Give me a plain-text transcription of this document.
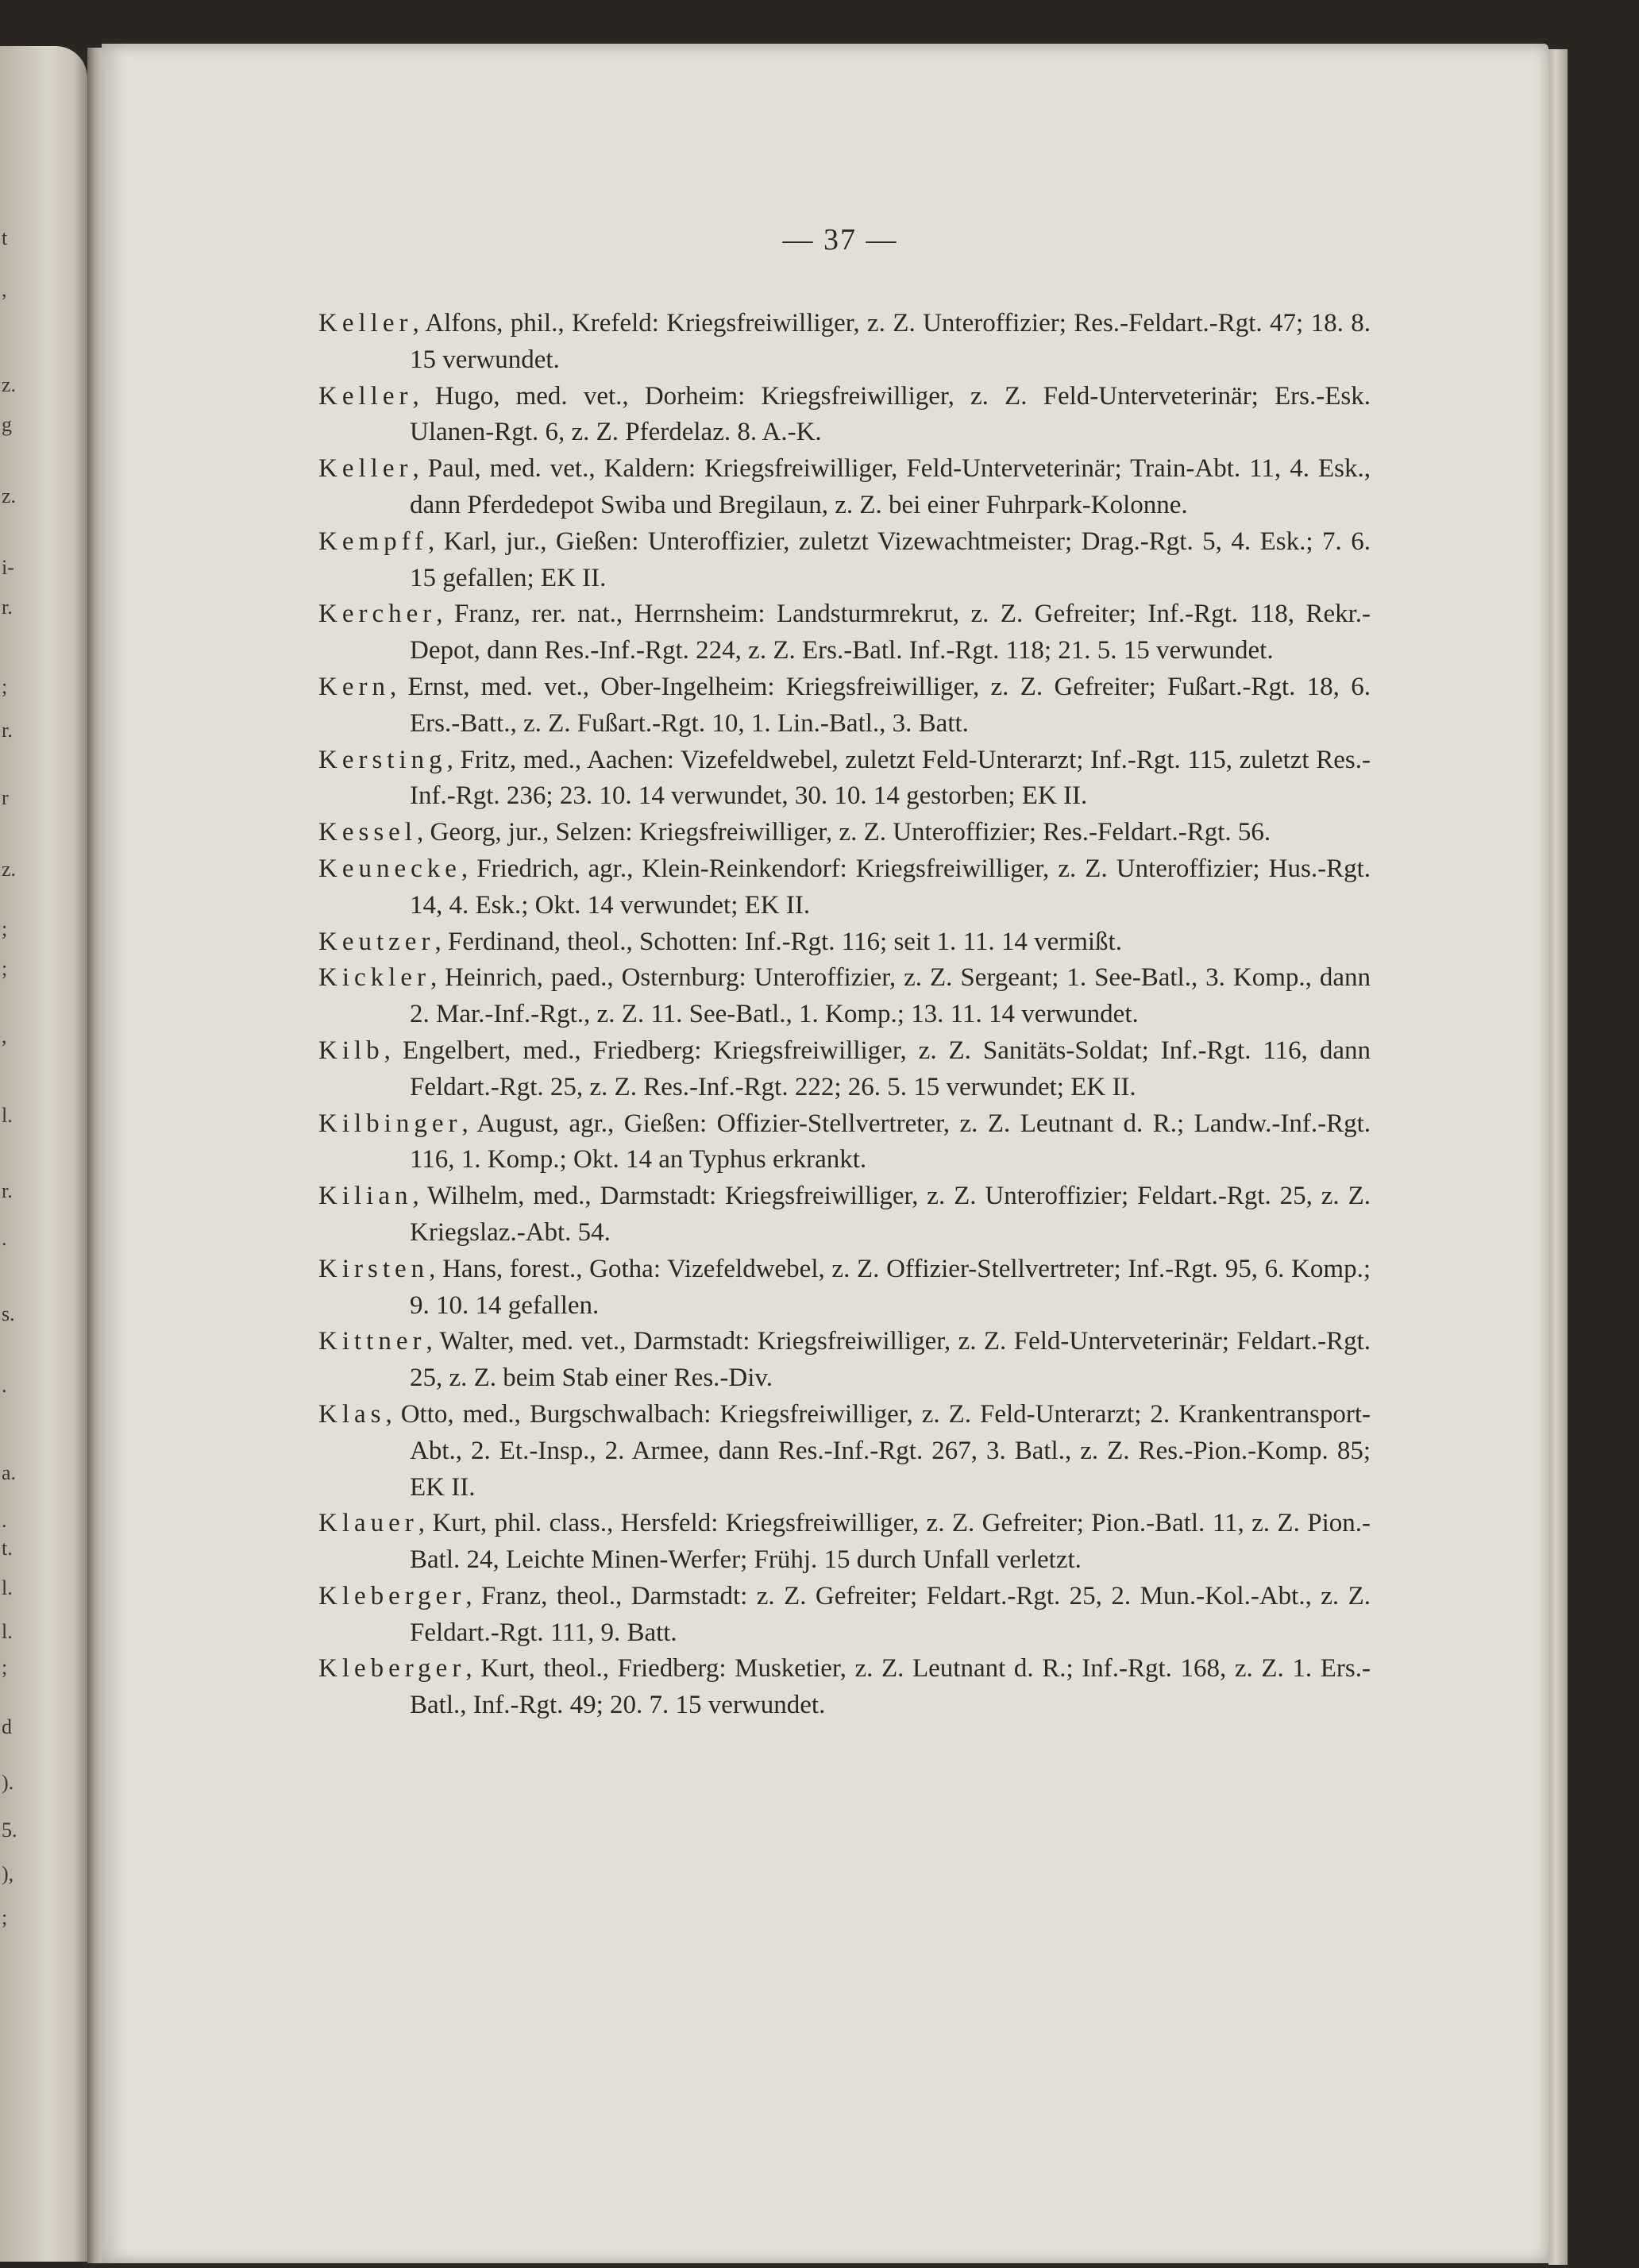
t
,
z.
g
z.
i-
r.
;
r.
r
z.
;
;
,
l.
r.
.
s.
.
a.
.
t.
l.
l.
;
d
).
5.
),
;
— 37 —

Keller, Alfons, phil., Krefeld: Kriegsfreiwilliger, z. Z. Unteroffizier; Res.-Feldart.-Rgt. 47; 18. 8. 15 verwundet.

Keller, Hugo, med. vet., Dorheim: Kriegsfreiwilliger, z. Z. Feld-Unterveterinär; Ers.-Esk. Ulanen-Rgt. 6, z. Z. Pferdelaz. 8. A.-K.

Keller, Paul, med. vet., Kaldern: Kriegsfreiwilliger, Feld-Unterveterinär; Train-Abt. 11, 4. Esk., dann Pferdedepot Swiba und Bregilaun, z. Z. bei einer Fuhrpark-Kolonne.

Kempff, Karl, jur., Gießen: Unteroffizier, zuletzt Vizewachtmeister; Drag.-Rgt. 5, 4. Esk.; 7. 6. 15 gefallen; EK II.

Kercher, Franz, rer. nat., Herrnsheim: Landsturmrekrut, z. Z. Gefreiter; Inf.-Rgt. 118, Rekr.-Depot, dann Res.-Inf.-Rgt. 224, z. Z. Ers.-Batl. Inf.-Rgt. 118; 21. 5. 15 verwundet.

Kern, Ernst, med. vet., Ober-Ingelheim: Kriegsfreiwilliger, z. Z. Gefreiter; Fußart.-Rgt. 18, 6. Ers.-Batt., z. Z. Fußart.-Rgt. 10, 1. Lin.-Batl., 3. Batt.

Kersting, Fritz, med., Aachen: Vizefeldwebel, zuletzt Feld-Unterarzt; Inf.-Rgt. 115, zuletzt Res.-Inf.-Rgt. 236; 23. 10. 14 verwundet, 30. 10. 14 gestorben; EK II.

Kessel, Georg, jur., Selzen: Kriegsfreiwilliger, z. Z. Unteroffizier; Res.-Feldart.-Rgt. 56.

Keunecke, Friedrich, agr., Klein-Reinkendorf: Kriegsfreiwilliger, z. Z. Unteroffizier; Hus.-Rgt. 14, 4. Esk.; Okt. 14 verwundet; EK II.

Keutzer, Ferdinand, theol., Schotten: Inf.-Rgt. 116; seit 1. 11. 14 vermißt.

Kickler, Heinrich, paed., Osternburg: Unteroffizier, z. Z. Sergeant; 1. See-Batl., 3. Komp., dann 2. Mar.-Inf.-Rgt., z. Z. 11. See-Batl., 1. Komp.; 13. 11. 14 verwundet.

Kilb, Engelbert, med., Friedberg: Kriegsfreiwilliger, z. Z. Sanitäts-Soldat; Inf.-Rgt. 116, dann Feldart.-Rgt. 25, z. Z. Res.-Inf.-Rgt. 222; 26. 5. 15 verwundet; EK II.

Kilbinger, August, agr., Gießen: Offizier-Stellvertreter, z. Z. Leutnant d. R.; Landw.-Inf.-Rgt. 116, 1. Komp.; Okt. 14 an Typhus erkrankt.

Kilian, Wilhelm, med., Darmstadt: Kriegsfreiwilliger, z. Z. Unteroffizier; Feldart.-Rgt. 25, z. Z. Kriegslaz.-Abt. 54.

Kirsten, Hans, forest., Gotha: Vizefeldwebel, z. Z. Offizier-Stellvertreter; Inf.-Rgt. 95, 6. Komp.; 9. 10. 14 gefallen.

Kittner, Walter, med. vet., Darmstadt: Kriegsfreiwilliger, z. Z. Feld-Unterveterinär; Feldart.-Rgt. 25, z. Z. beim Stab einer Res.-Div.

Klas, Otto, med., Burgschwalbach: Kriegsfreiwilliger, z. Z. Feld-Unterarzt; 2. Krankentransport-Abt., 2. Et.-Insp., 2. Armee, dann Res.-Inf.-Rgt. 267, 3. Batl., z. Z. Res.-Pion.-Komp. 85; EK II.

Klauer, Kurt, phil. class., Hersfeld: Kriegsfreiwilliger, z. Z. Gefreiter; Pion.-Batl. 11, z. Z. Pion.-Batl. 24, Leichte Minen-Werfer; Frühj. 15 durch Unfall verletzt.

Kleberger, Franz, theol., Darmstadt: z. Z. Gefreiter; Feldart.-Rgt. 25, 2. Mun.-Kol.-Abt., z. Z. Feldart.-Rgt. 111, 9. Batt.

Kleberger, Kurt, theol., Friedberg: Musketier, z. Z. Leutnant d. R.; Inf.-Rgt. 168, z. Z. 1. Ers.-Batl., Inf.-Rgt. 49; 20. 7. 15 verwundet.
